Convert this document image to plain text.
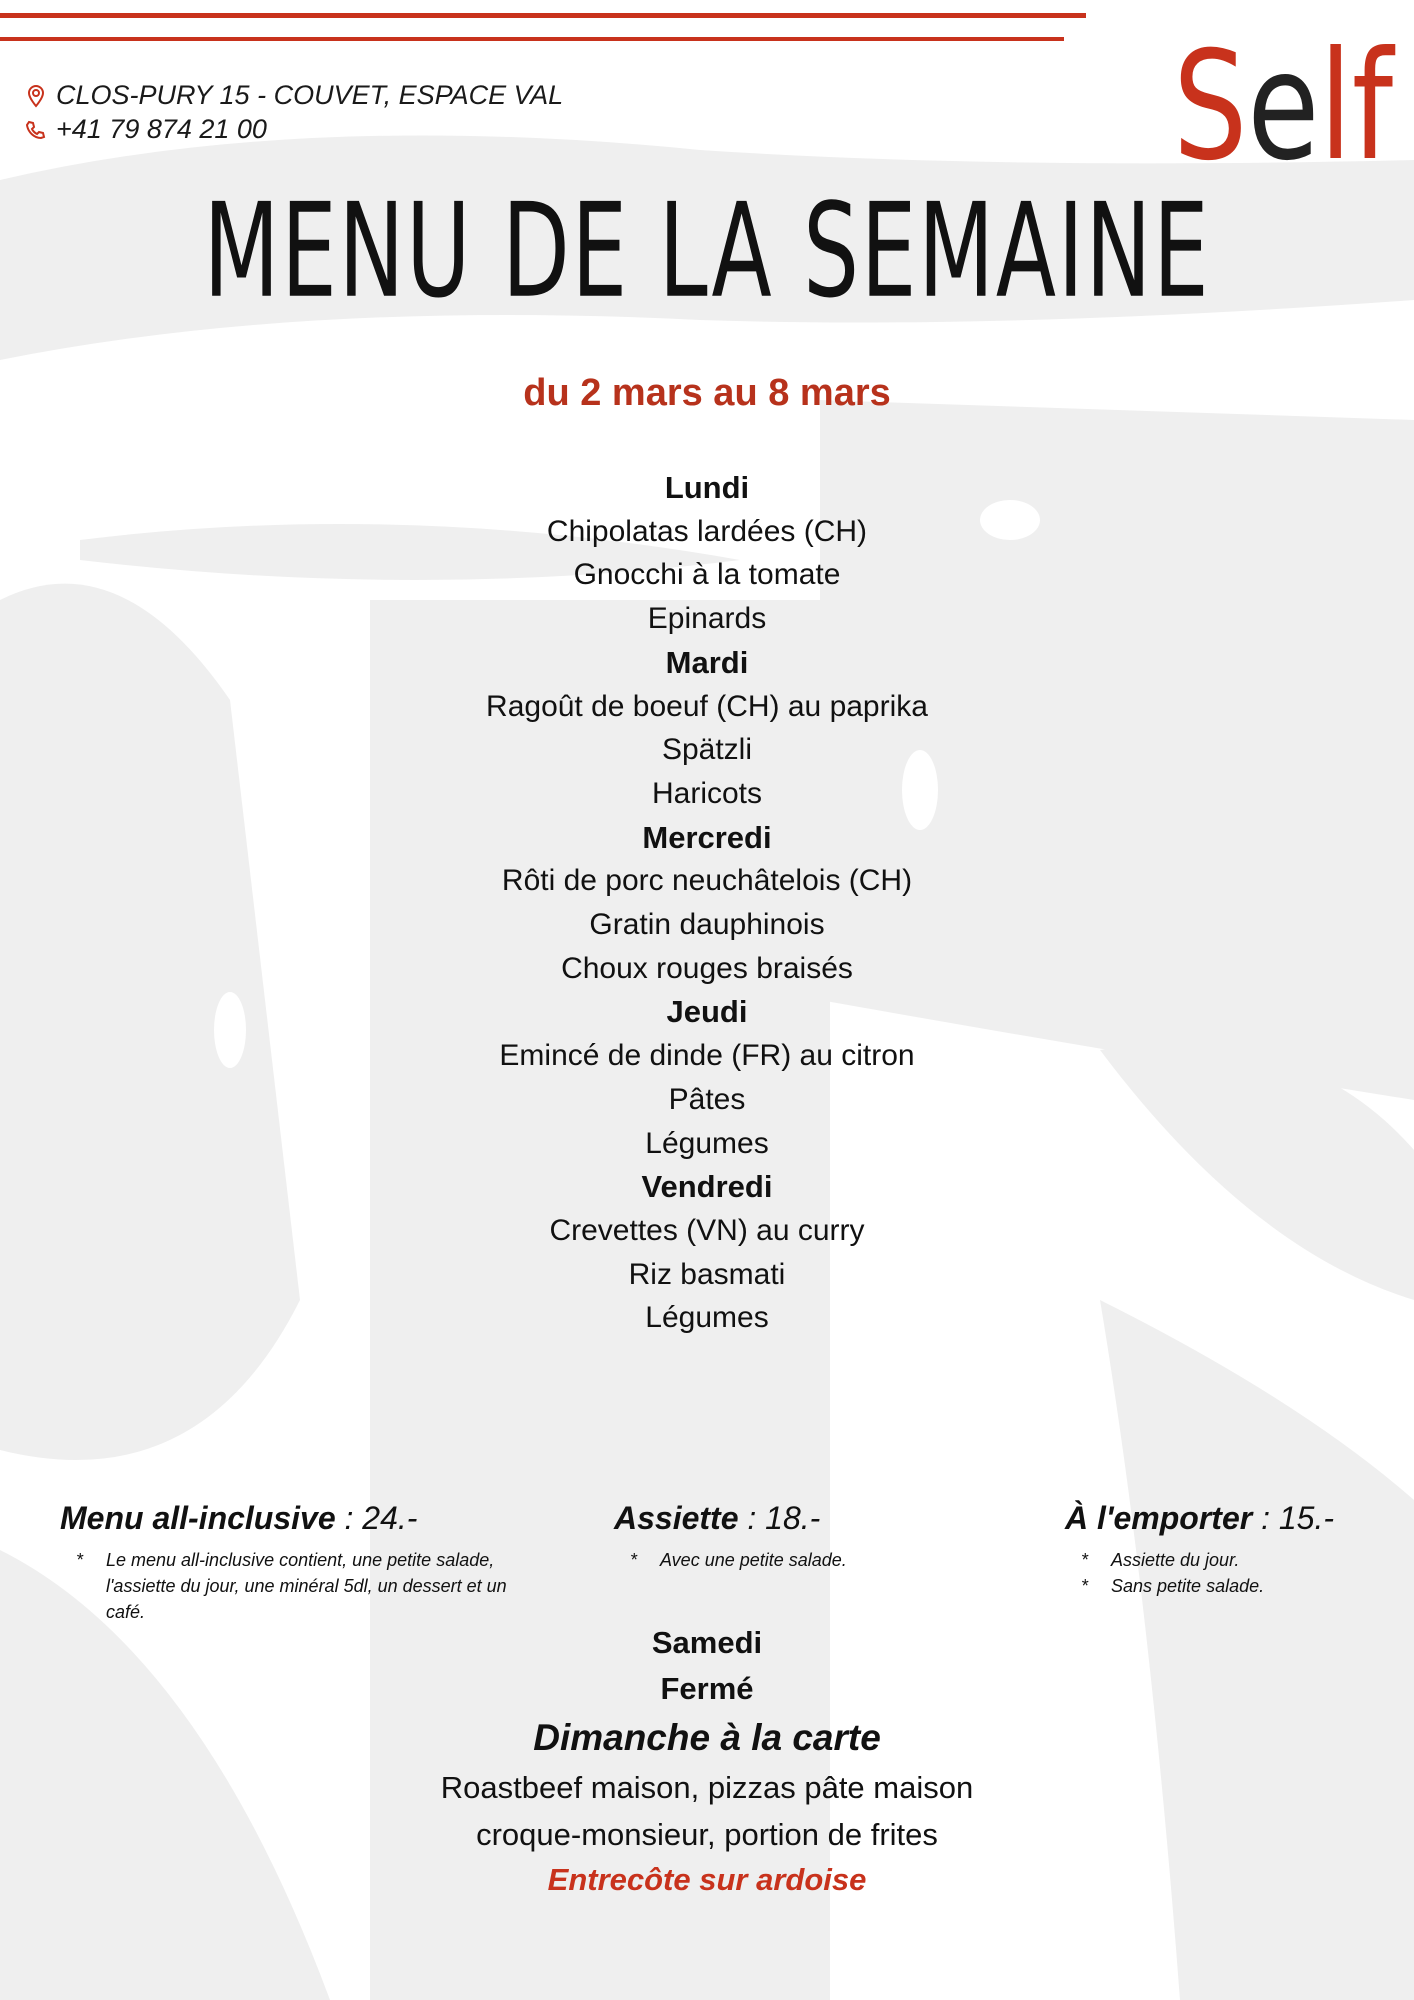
CLOS-PURY 15 - COUVET, ESPACE VAL
+41 79 874 21 00	Self
MENU DE LA SEMAINE
du 2 mars au 8 mars
Lundi
Chipolatas lardées (CH)
Gnocchi à la tomate
Epinards
Mardi
Ragoût de boeuf (CH) au paprika
Spätzli
Haricots
Mercredi
Rôti de porc neuchâtelois (CH)
Gratin dauphinois
Choux rouges braisés
Jeudi
Emincé de dinde (FR) au citron
Pâtes
Légumes
Vendredi
Crevettes (VN) au curry
Riz basmati
Légumes
Menu all-inclusive : 24.-
* Le menu all-inclusive contient, une petite salade, l'assiette du jour, une minéral 5dl, un dessert et un café.
Assiette : 18.-
* Avec une petite salade.
À l'emporter : 15.-
* Assiette du jour.
* Sans petite salade.
Samedi
Fermé
Dimanche à la carte
Roastbeef maison, pizzas pâte maison
croque-monsieur, portion de frites
Entrecôte sur ardoise
